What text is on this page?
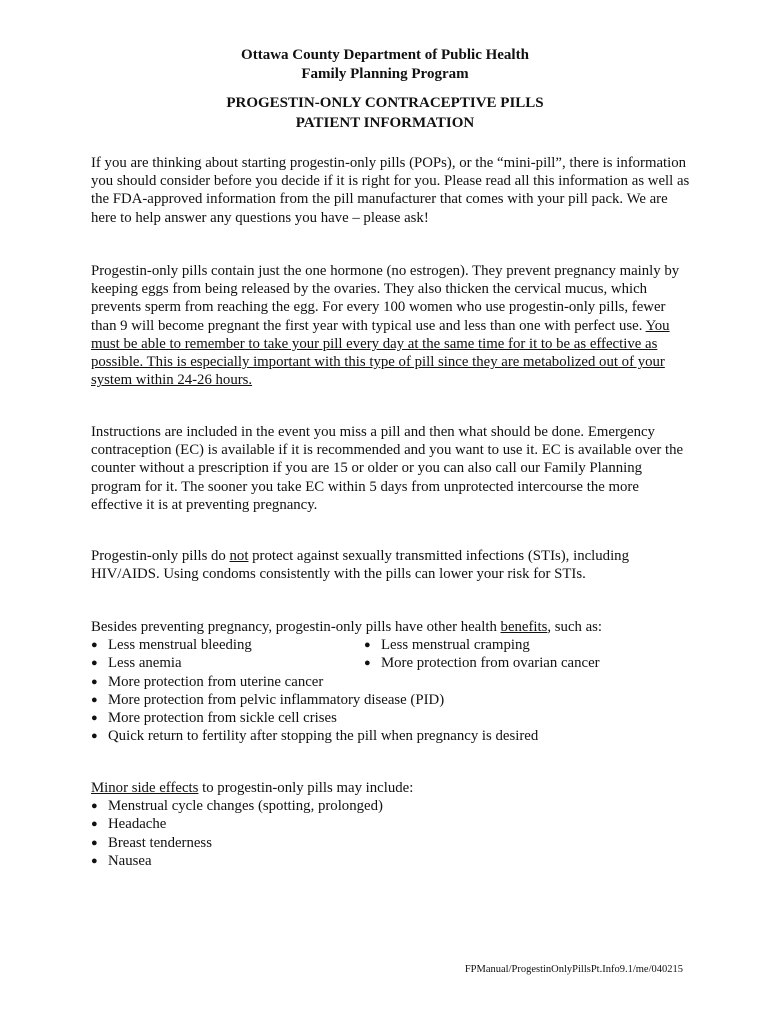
Ottawa County Department of Public Health
Family Planning Program
PROGESTIN-ONLY CONTRACEPTIVE PILLS
PATIENT INFORMATION

If you are thinking about starting progestin-only pills (POPs), or the “mini-pill”, there is information you should consider before you decide if it is right for you. Please read all this information as well as the FDA-approved information from the pill manufacturer that comes with your pill pack. We are here to help answer any questions you have – please ask!

Progestin-only pills contain just the one hormone (no estrogen). They prevent pregnancy mainly by keeping eggs from being released by the ovaries. They also thicken the cervical mucus, which prevents sperm from reaching the egg. For every 100 women who use progestin-only pills, fewer than 9 will become pregnant the first year with typical use and less than one with perfect use. You must be able to remember to take your pill every day at the same time for it to be as effective as possible. This is especially important with this type of pill since they are metabolized out of your system within 24-26 hours.

Instructions are included in the event you miss a pill and then what should be done. Emergency contraception (EC) is available if it is recommended and you want to use it. EC is available over the counter without a prescription if you are 15 or older or you can also call our Family Planning program for it. The sooner you take EC within 5 days from unprotected intercourse the more effective it is at preventing pregnancy.

Progestin-only pills do not protect against sexually transmitted infections (STIs), including HIV/AIDS. Using condoms consistently with the pills can lower your risk for STIs.

Besides preventing pregnancy, progestin-only pills have other health benefits, such as:

● Less menstrual bleeding	● Less menstrual cramping
● Less anemia	● More protection from ovarian cancer
● More protection from uterine cancer
● More protection from pelvic inflammatory disease (PID)
● More protection from sickle cell crises
● Quick return to fertility after stopping the pill when pregnancy is desired

Minor side effects to progestin-only pills may include:

● Menstrual cycle changes (spotting, prolonged)
● Headache
● Breast tenderness
● Nausea
FPManual/ProgestinOnlyPillsPt.Info9.1/me/040215
